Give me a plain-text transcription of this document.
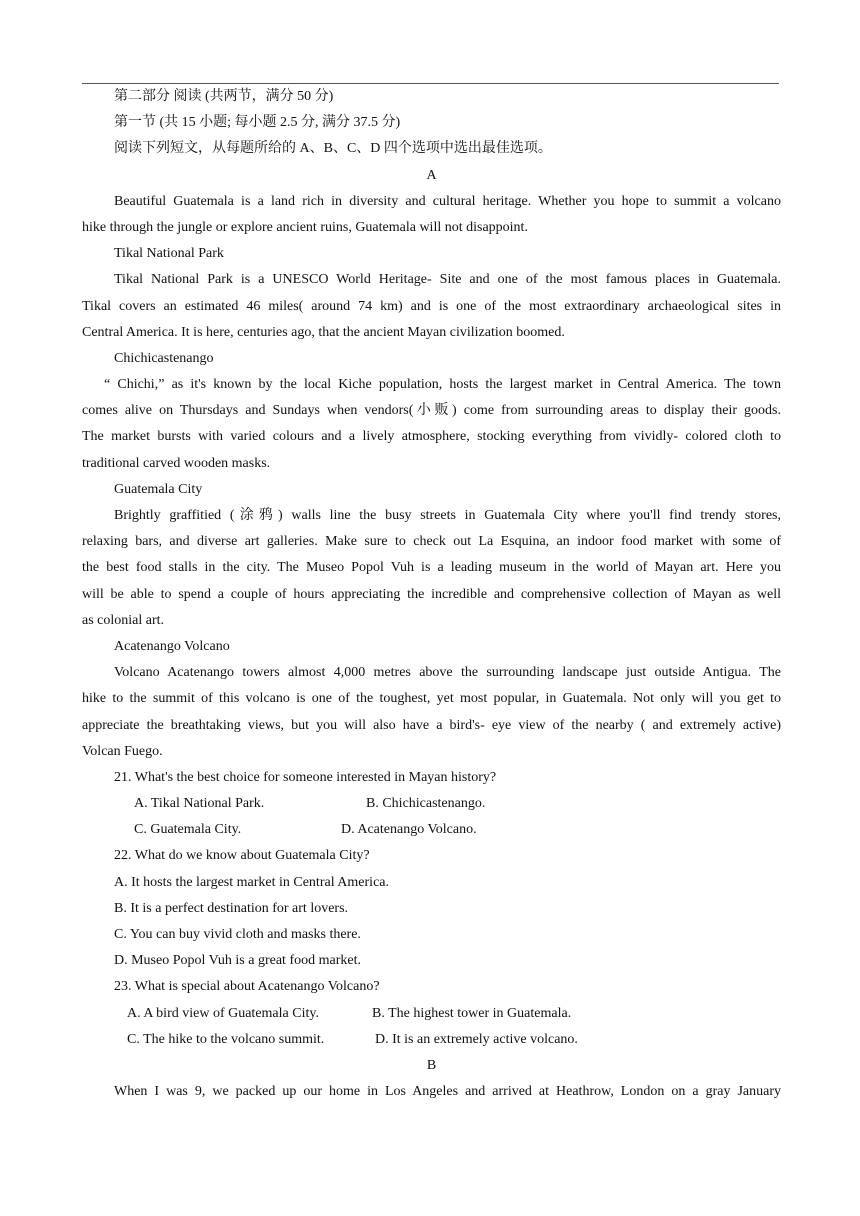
第二部分 阅读 (共两节，满分 50 分)
第一节 (共 15 小题; 每小题 2.5 分, 满分 37.5 分)
阅读下列短文，从每题所给的 A、B、C、D 四个选项中选出最佳选项。
A
Beautiful Guatemala is a land rich in diversity and cultural heritage. Whether you hope to summit a volcano
hike through the jungle or explore ancient ruins, Guatemala will not disappoint.
Tikal National Park
Tikal National Park is a UNESCO World Heritage- Site and one of the most famous places in Guatemala.
Tikal covers an estimated 46 miles( around 74 km) and is one of the most extraordinary archaeological sites in
Central America. It is here, centuries ago, that the ancient Mayan civilization boomed.
Chichicastenango
“ Chichi,” as it's known by the local Kiche population, hosts the largest market in Central America. The town
comes alive on Thursdays and Sundays when vendors(小贩) come from surrounding areas to display their goods.
The market bursts with varied colours and a lively atmosphere, stocking everything from vividly- colored cloth to
traditional carved wooden masks.
Guatemala City
Brightly graffitied (涂鸦) walls line the busy streets in Guatemala City where you'll find trendy stores,
relaxing bars, and diverse art galleries. Make sure to check out La Esquina, an indoor food market with some of
the best food stalls in the city. The Museo Popol Vuh is a leading museum in the world of Mayan art. Here you
will be able to spend a couple of hours appreciating the incredible and comprehensive collection of Mayan as well
as colonial art.
Acatenango Volcano
Volcano Acatenango towers almost 4,000 metres above the surrounding landscape just outside Antigua. The
hike to the summit of this volcano is one of the toughest, yet most popular, in Guatemala. Not only will you get to
appreciate the breathtaking views, but you will also have a bird's- eye view of the nearby ( and extremely active)
Volcan Fuego.
21. What's the best choice for someone interested in Mayan history?
A. Tikal National Park.	B. Chichicastenango.
C. Guatemala City.	D. Acatenango Volcano.
22. What do we know about Guatemala City?
A. It hosts the largest market in Central America.
B. It is a perfect destination for art lovers.
C. You can buy vivid cloth and masks there.
D. Museo Popol Vuh is a great food market.
23. What is special about Acatenango Volcano?
A. A bird view of Guatemala City.	B. The highest tower in Guatemala.
C. The hike to the volcano summit.	D. It is an extremely active volcano.
B
When I was 9, we packed up our home in Los Angeles and arrived at Heathrow, London on a gray January
